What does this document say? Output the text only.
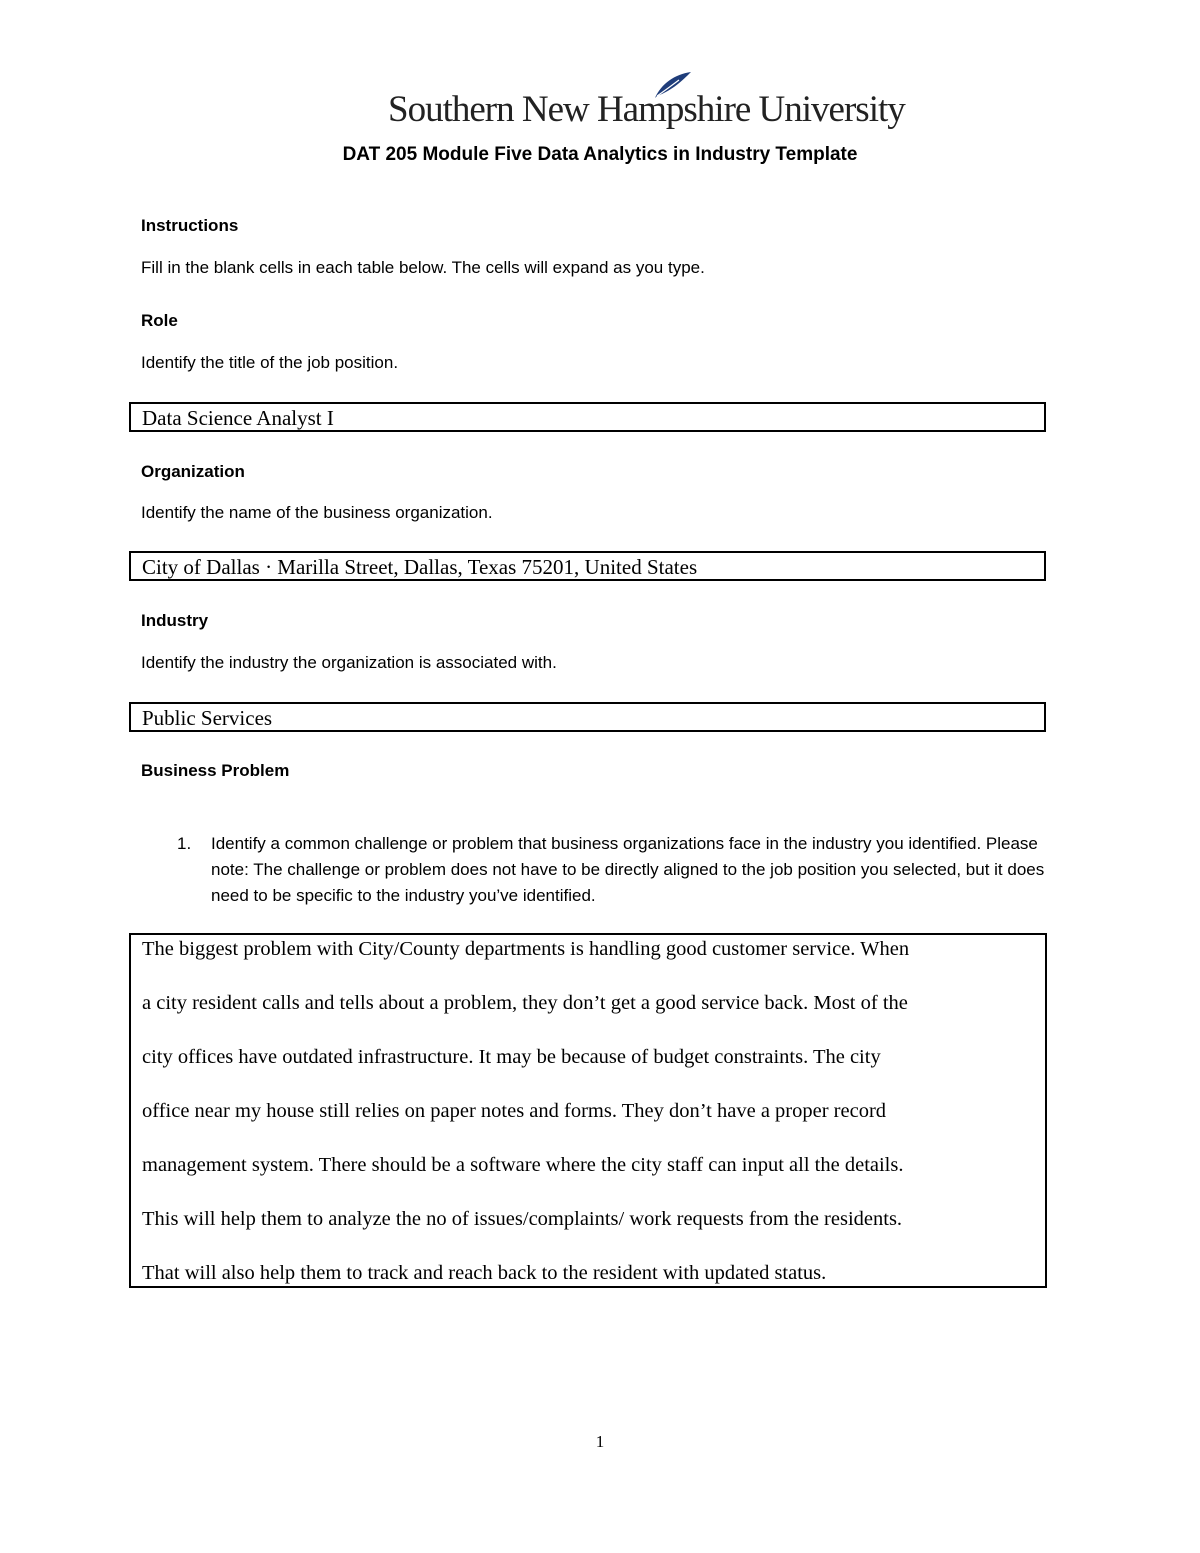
Southern New Hampshire University
DAT 205 Module Five Data Analytics in Industry Template
Instructions
Fill in the blank cells in each table below. The cells will expand as you type.
Role
Identify the title of the job position.
Data Science Analyst I
Organization
Identify the name of the business organization.
City of Dallas · Marilla Street, Dallas, Texas 75201, United States
Industry
Identify the industry the organization is associated with.
Public Services
Business Problem
1. Identify a common challenge or problem that business organizations face in the industry you identified. Please note: The challenge or problem does not have to be directly aligned to the job position you selected, but it does need to be specific to the industry you’ve identified.
The biggest problem with City/County departments is handling good customer service. When
a city resident calls and tells about a problem, they don’t get a good service back. Most of the
city offices have outdated infrastructure. It may be because of budget constraints. The city
office near my house still relies on paper notes and forms. They don’t have a proper record
management system. There should be a software where the city staff can input all the details.
This will help them to analyze the no of issues/complaints/ work requests from the residents.
That will also help them to track and reach back to the resident with updated status.
1
